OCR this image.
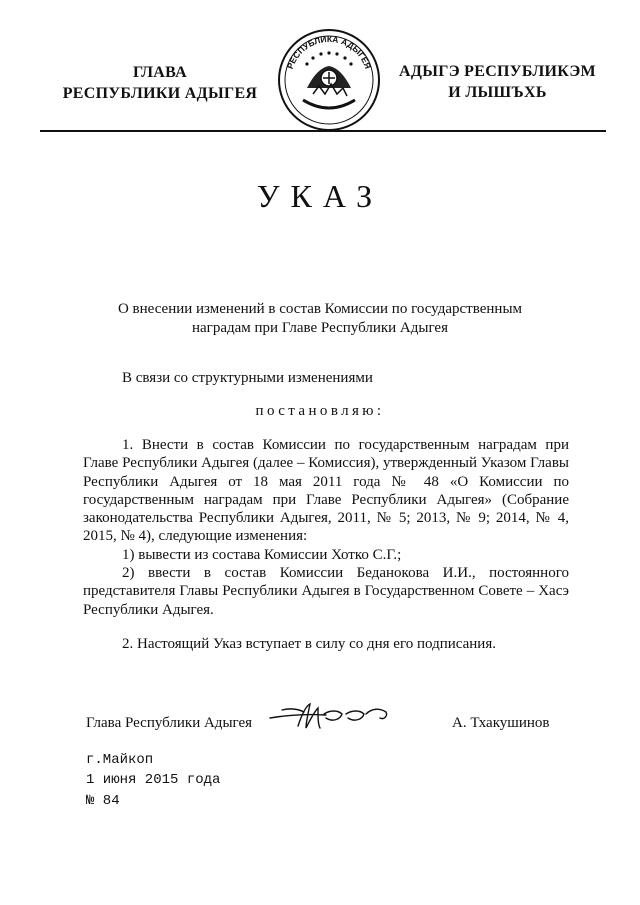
ГЛАВА
РЕСПУБЛИКИ АДЫГЕЯ
РЕСПУБЛИКА АДЫГЕЯ	АДЫГЭ РЕСПУБЛИКЭМ
И ЛЫШЪХЬ
УКАЗ
О внесении изменений в состав Комиссии по государственным
наградам при Главе Республики Адыгея
В связи со структурными изменениями
постановляю:

1. Внести в состав Комиссии по государственным наградам при Главе Республики Адыгея (далее – Комиссия), утвержденный Указом Главы Республики Адыгея от 18 мая 2011 года № 48 «О Комиссии по государственным наградам при Главе Республики Адыгея» (Собрание законодательства Республики Адыгея, 2011, № 5; 2013, № 9; 2014, № 4, 2015, № 4), следующие изменения:

1) вывести из состава Комиссии Хотко С.Г.;

2) ввести в состав Комиссии Беданокова И.И., постоянного представителя Главы Республики Адыгея в Государственном Совете – Хасэ Республики Адыгея.

2. Настоящий Указ вступает в силу со дня его подписания.

Глава Республики Адыгея	А. Тхакушинов
г.Майкоп
1 июня 2015 года
№ 84
